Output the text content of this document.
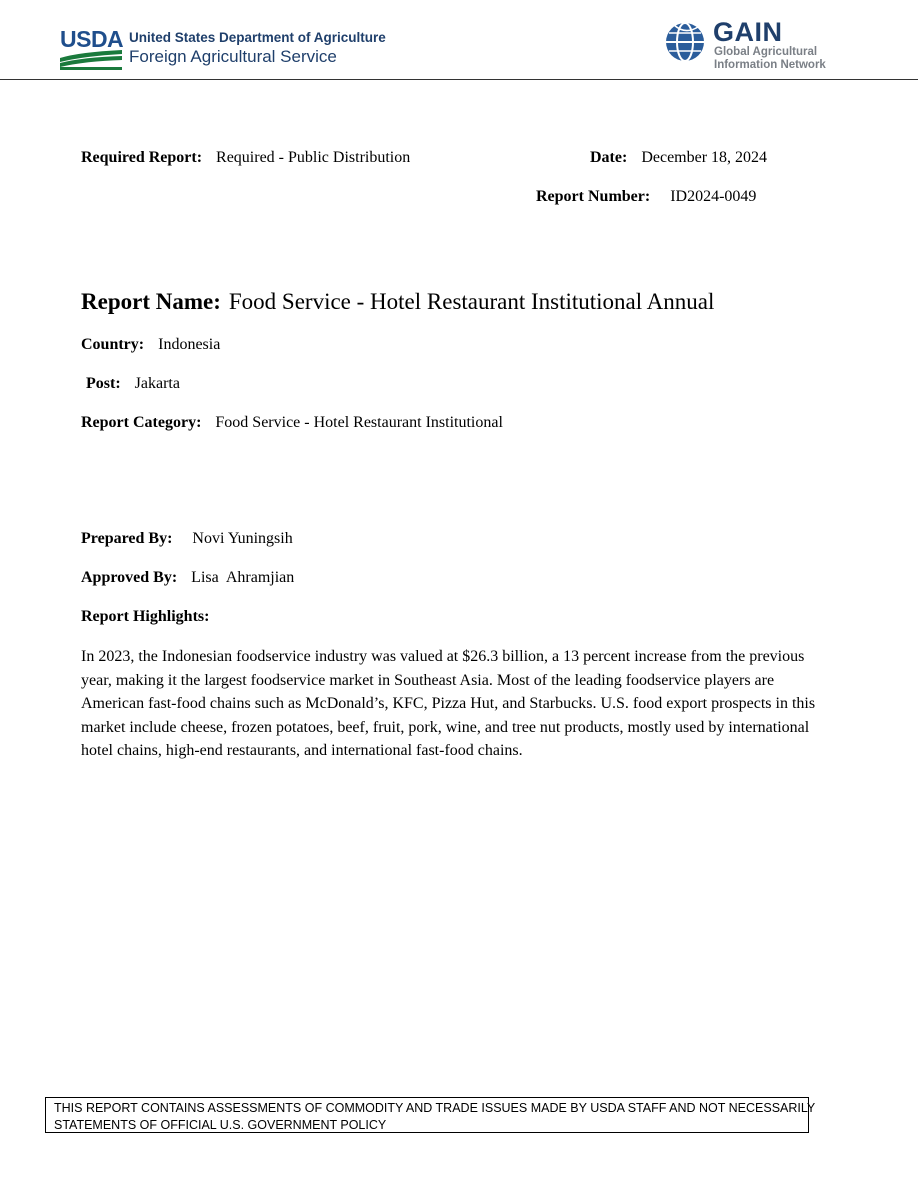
USDA United States Department of Agriculture
Foreign Agricultural Service
GAIN
Global Agricultural
Information Network
Required Report: Required - Public Distribution	Date: December 18, 2024
Report Number: ID2024-0049
Report Name: Food Service - Hotel Restaurant Institutional Annual
Country: Indonesia
Post: Jakarta
Report Category: Food Service - Hotel Restaurant Institutional
Prepared By: Novi Yuningsih
Approved By: Lisa  Ahramjian
Report Highlights:
In 2023, the Indonesian foodservice industry was valued at $26.3 billion, a 13 percent increase from the previous year, making it the largest foodservice market in Southeast Asia. Most of the leading foodservice players are American fast-food chains such as McDonald’s, KFC, Pizza Hut, and Starbucks. U.S. food export prospects in this market include cheese, frozen potatoes, beef, fruit, pork, wine, and tree nut products, mostly used by international hotel chains, high-end restaurants, and international fast-food chains.
THIS REPORT CONTAINS ASSESSMENTS OF COMMODITY AND TRADE ISSUES MADE BY USDA STAFF AND NOT NECESSARILY
STATEMENTS OF OFFICIAL U.S. GOVERNMENT POLICY
